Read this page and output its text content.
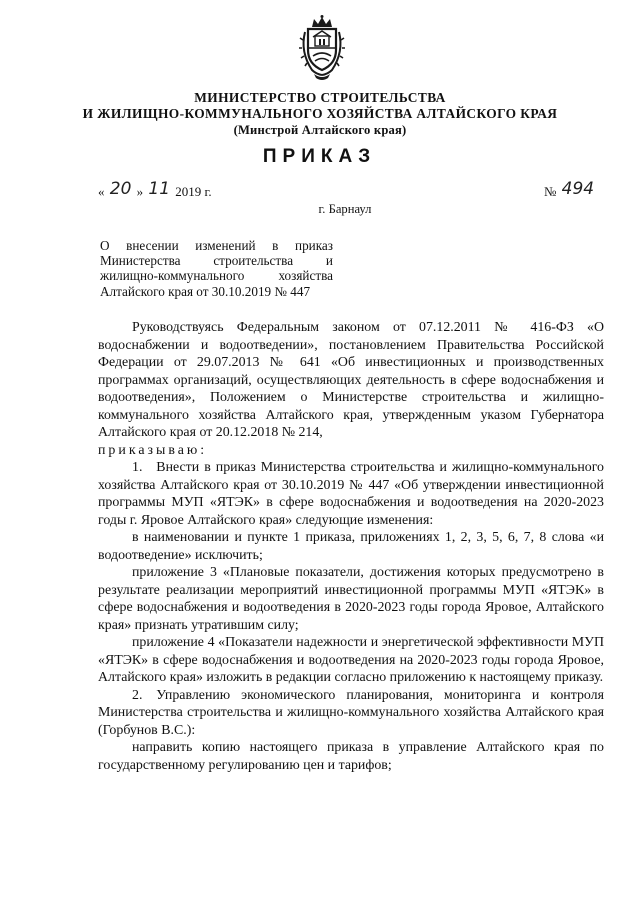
МИНИСТЕРСТВО СТРОИТЕЛЬСТВА
И ЖИЛИЩНО-КОММУНАЛЬНОГО ХОЗЯЙСТВА АЛТАЙСКОГО КРАЯ
(Минстрой Алтайского края)
ПРИКАЗ
« 20 » 11 2019 г.	№ 494
г. Барнаул
О внесении изменений в приказ Министерства строительства и жилищно-коммунального хозяйства Алтайского края от 30.10.2019 № 447

Руководствуясь Федеральным законом от 07.12.2011 № 416-ФЗ «О водоснабжении и водоотведении», постановлением Правительства Российской Федерации от 29.07.2013 № 641 «Об инвестиционных и производственных программах организаций, осуществляющих деятельность в сфере водоснабжения и водоотведения», Положением о Министерстве строительства и жилищно-коммунального хозяйства Алтайского края, утвержденным указом Губернатора Алтайского края от 20.12.2018 № 214,

приказываю:

1. Внести в приказ Министерства строительства и жилищно-коммунального хозяйства Алтайского края от 30.10.2019 № 447 «Об утверждении инвестиционной программы МУП «ЯТЭК» в сфере водоснабжения и водоотведения на 2020-2023 годы г. Яровое Алтайского края» следующие изменения:

в наименовании и пункте 1 приказа, приложениях 1, 2, 3, 5, 6, 7, 8 слова «и водоотведение» исключить;

приложение 3 «Плановые показатели, достижения которых предусмотрено в результате реализации мероприятий инвестиционной программы МУП «ЯТЭК» в сфере водоснабжения и водоотведения в 2020-2023 годы города Яровое, Алтайского края» признать утратившим силу;

приложение 4 «Показатели надежности и энергетической эффективности МУП «ЯТЭК» в сфере водоснабжения и водоотведения на 2020-2023 годы города Яровое, Алтайского края» изложить в редакции согласно приложению к настоящему приказу.

2. Управлению экономического планирования, мониторинга и контроля Министерства строительства и жилищно-коммунального хозяйства Алтайского края (Горбунов В.С.):

направить копию настоящего приказа в управление Алтайского края по государственному регулированию цен и тарифов;
